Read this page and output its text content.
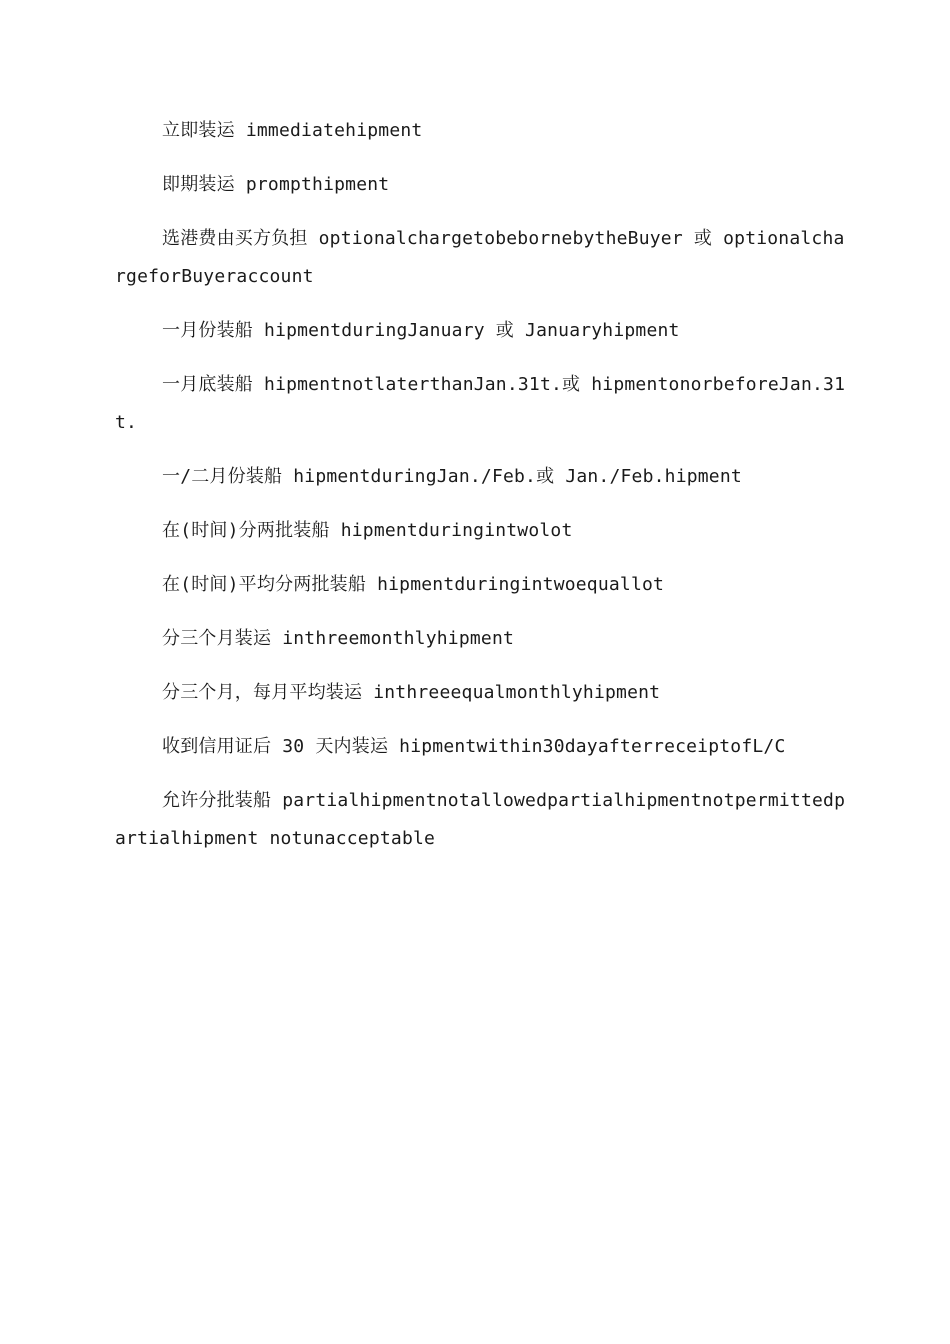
立即装运 immediatehipment

即期装运 prompthipment

选港费由买方负担 optionalchargetobebornebytheBuyer 或 optionalchargeforBuyeraccount

一月份装船 hipmentduringJanuary 或 Januaryhipment

一月底装船 hipmentnotlaterthanJan.31t.或 hipmentonorbeforeJan.31t.

一/二月份装船 hipmentduringJan./Feb.或 Jan./Feb.hipment

在(时间)分两批装船 hipmentduringintwolot

在(时间)平均分两批装船 hipmentduringintwoequallot

分三个月装运 inthreemonthlyhipment

分三个月，每月平均装运 inthreeequalmonthlyhipment

收到信用证后 30 天内装运 hipmentwithin30dayafterreceiptofL/C

允许分批装船 partialhipmentnotallowedpartialhipmentnotpermittedpartialhipment notunacceptable
